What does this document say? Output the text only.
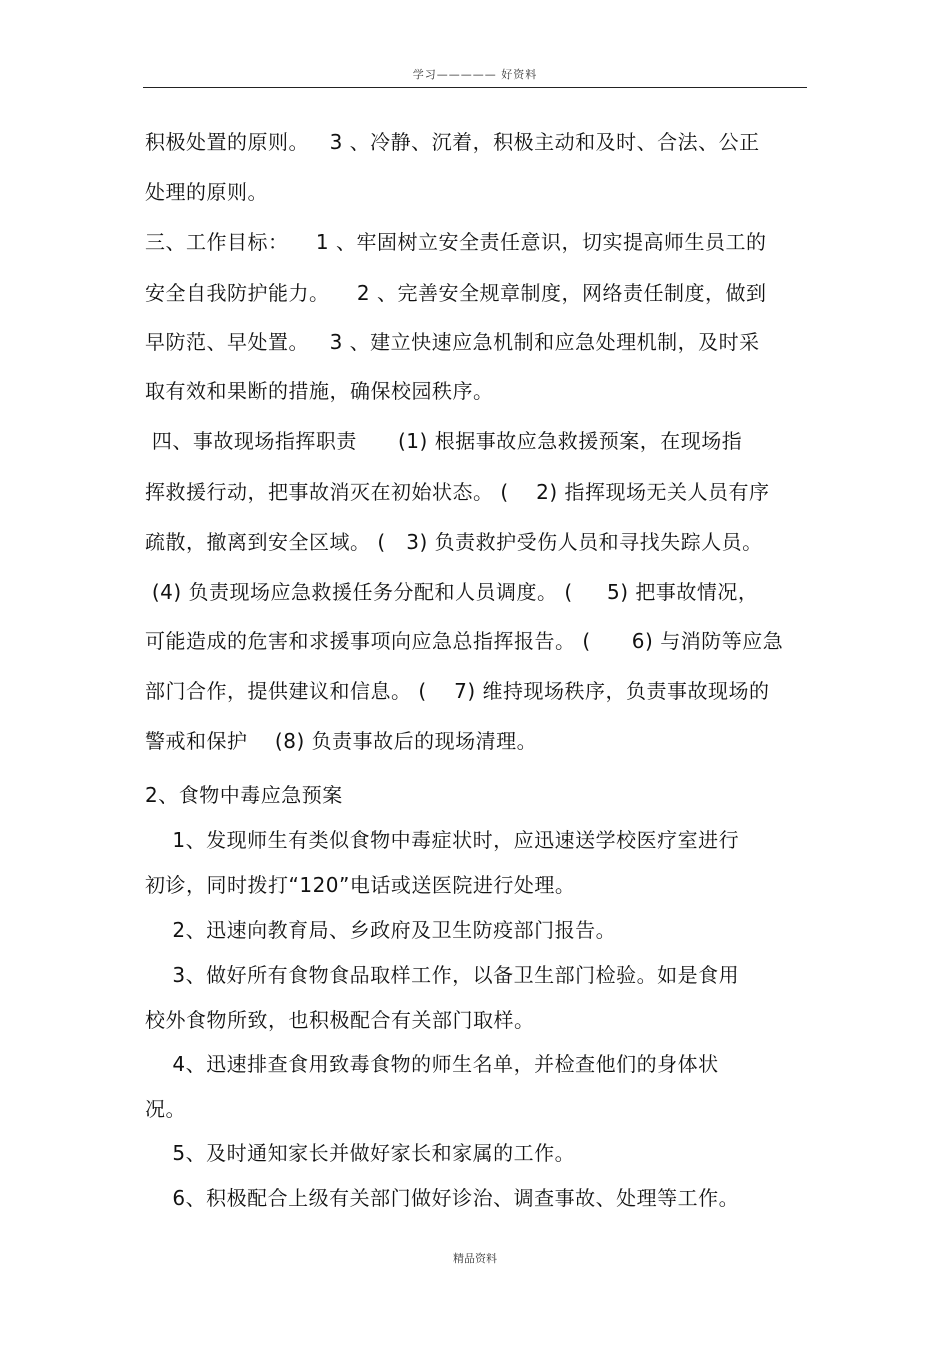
学习————— 好资料
积极处置的原则。   3 、冷静、沉着，积极主动和及时、合法、公正
处理的原则。
三、工作目标：    1 、牢固树立安全责任意识，切实提高师生员工的
安全自我防护能力。    2 、完善安全规章制度，网络责任制度，做到
早防范、早处置。   3 、建立快速应急机制和应急处理机制，及时采
取有效和果断的措施，确保校园秩序。
四、事故现场指挥职责      (1) 根据事故应急救援预案，在现场指
挥救援行动，把事故消灭在初始状态。 (    2) 指挥现场无关人员有序
疏散，撤离到安全区域。 (   3) 负责救护受伤人员和寻找失踪人员。
(4) 负责现场应急救援任务分配和人员调度。 (     5) 把事故情况，
可能造成的危害和求援事项向应急总指挥报告。 (      6) 与消防等应急
部门合作，提供建议和信息。 (    7) 维持现场秩序，负责事故现场的
警戒和保护    (8) 负责事故后的现场清理。
2、食物中毒应急预案
1、发现师生有类似食物中毒症状时，应迅速送学校医疗室进行
初诊，同时拨打“120”电话或送医院进行处理。
2、迅速向教育局、乡政府及卫生防疫部门报告。
3、做好所有食物食品取样工作，以备卫生部门检验。如是食用
校外食物所致，也积极配合有关部门取样。
4、迅速排查食用致毒食物的师生名单，并检查他们的身体状
况。
5、及时通知家长并做好家长和家属的工作。
6、积极配合上级有关部门做好诊治、调查事故、处理等工作。
精品资料
